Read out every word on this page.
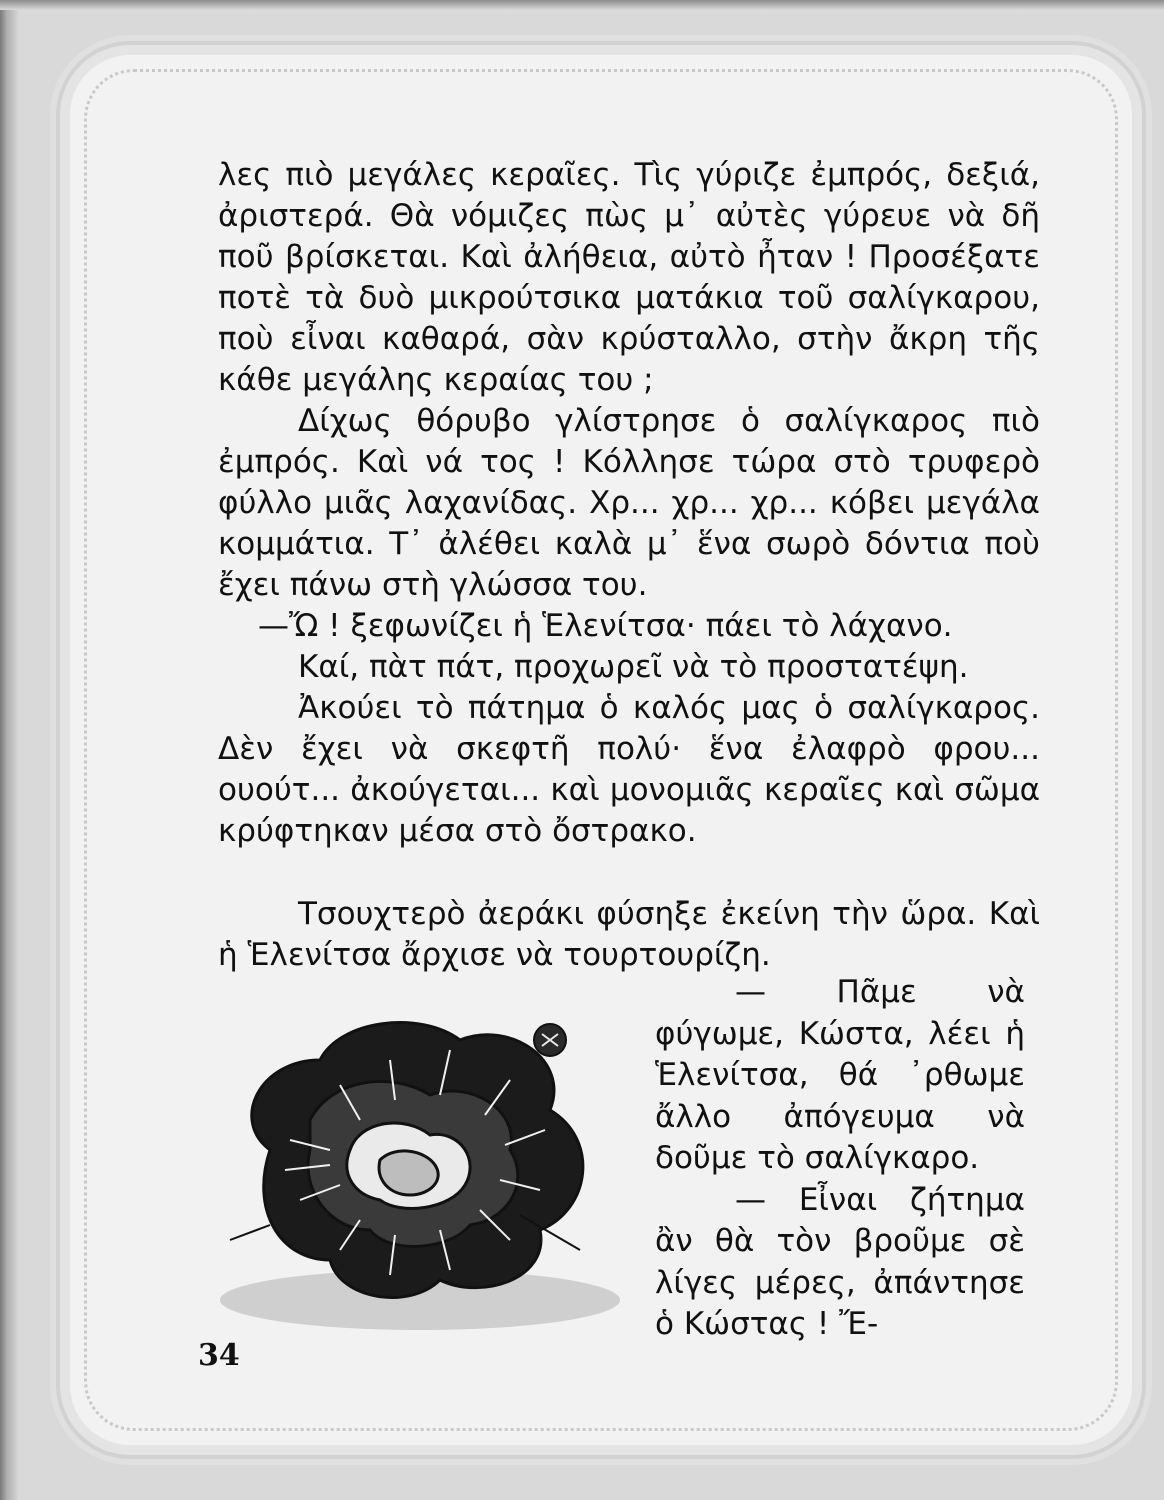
λες πιὸ μεγάλες κεραῖες. Τὶς γύριζε ἐμπρός, δεξιά, ἀριστερά. Θὰ νόμιζες πὼς μ᾿ αὐτὲς γύρευε νὰ δῆ ποῦ βρίσκεται. Καὶ ἀλήθεια, αὐτὸ ἦταν ! Προσέξατε ποτὲ τὰ δυὸ μικρούτσικα ματάκια τοῦ σαλίγκαρου, ποὺ εἶναι καθαρά, σὰν κρύσταλλο, στὴν ἄκρη τῆς κάθε μεγάλης κεραίας του ;

Δίχως θόρυβο γλίστρησε ὁ σαλίγκαρος πιὸ ἐμπρός. Καὶ νά τος ! Κόλλησε τώρα στὸ τρυφερὸ φύλλο μιᾶς λαχανίδας. Χρ... χρ... χρ... κόβει μεγάλα κομμάτια. Τ᾿ ἀλέθει καλὰ μ᾿ ἕνα σωρὸ δόντια ποὺ ἔχει πάνω στὴ γλώσσα του.

—Ὤ ! ξεφωνίζει ἡ Ἑλενίτσα· πάει τὸ λάχανο.

Καί, πὰτ πάτ, προχωρεῖ νὰ τὸ προστατέψη.

Ἀκούει τὸ πάτημα ὁ καλός μας ὁ σαλίγκαρος. Δὲν ἔχει νὰ σκεφτῆ πολύ· ἕνα ἐλαφρὸ φρου... ουούτ... ἀκούγεται... καὶ μονομιᾶς κεραῖες καὶ σῶμα κρύφτηκαν μέσα στὸ ὄστρακο.

Τσουχτερὸ ἀεράκι φύσηξε ἐκείνη τὴν ὥρα. Καὶ ἡ Ἑλενίτσα ἄρχισε νὰ τουρτουρίζη.

— Πᾶμε νὰ φύγωμε, Κώστα, λέει ἡ Ἑλενίτσα, θά ᾿ρθωμε ἄλλο ἀπόγευμα νὰ δοῦμε τὸ σαλίγκαρο.

— Εἶναι ζήτημα ἂν θὰ τὸν βροῦμε σὲ λίγες μέρες, ἀπάντησε ὁ Κώστας ! Ἔ-

34
